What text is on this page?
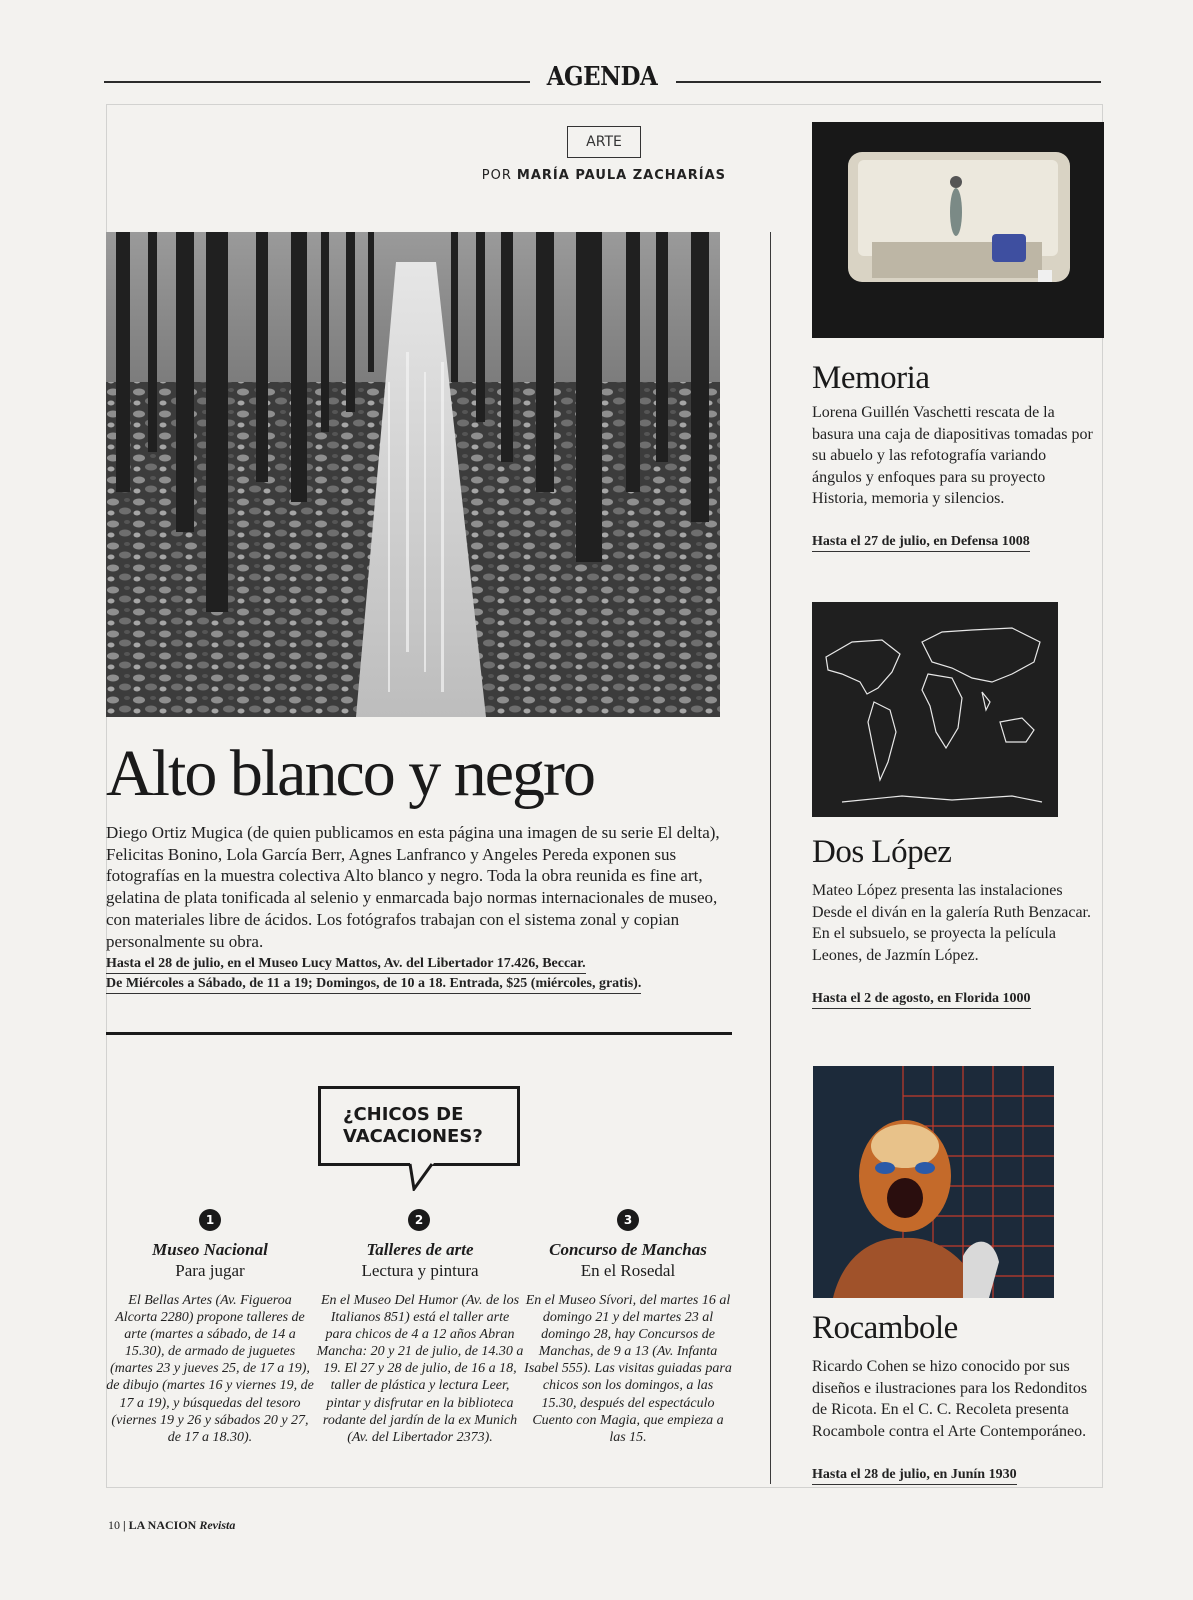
AGENDA
ARTE
POR MARÍA PAULA ZACHARÍAS
Alto blanco y negro
Diego Ortiz Mugica (de quien publicamos en esta página una imagen de su serie El delta), Felicitas Bonino, Lola García Berr, Agnes Lanfranco y Angeles Pereda exponen sus fotografías en la muestra colectiva Alto blanco y negro. Toda la obra reunida es fine art, gelatina de plata tonificada al selenio y enmarcada bajo normas internacionales de museo, con materiales libre de ácidos. Los fotógrafos trabajan con el sistema zonal y copian personalmente su obra.
Hasta el 28 de julio, en el Museo Lucy Mattos, Av. del Libertador 17.426, Beccar.
De Miércoles a Sábado, de 11 a 19; Domingos, de 10 a 18. Entrada, $25 (miércoles, gratis).
¿CHICOS DE
VACACIONES?
1	2	3
Museo Nacional
Para jugar
El Bellas Artes (Av. Figueroa Alcorta 2280) propone talleres de arte (martes a sábado, de 14 a 15.30), de armado de juguetes (martes 23 y jueves 25, de 17 a 19), de dibujo (martes 16 y viernes 19, de 17 a 19), y búsquedas del tesoro (viernes 19 y 26 y sábados 20 y 27, de 17 a 18.30).
Talleres de arte
Lectura y pintura
En el Museo Del Humor (Av. de los Italianos 851) está el taller arte para chicos de 4 a 12 años Abran Mancha: 20 y 21 de julio, de 14.30 a 19. El 27 y 28 de julio, de 16 a 18, taller de plástica y lectura Leer, pintar y disfrutar en la biblioteca rodante del jardín de la ex Munich (Av. del Libertador 2373).
Concurso de Manchas
En el Rosedal
En el Museo Sívori, del martes 16 al domingo 21 y del martes 23 al domingo 28, hay Concursos de Manchas, de 9 a 13 (Av. Infanta Isabel 555). Las visitas guiadas para chicos son los domingos, a las 15.30, después del espectáculo Cuento con Magia, que empieza a las 15.
Memoria
Lorena Guillén Vaschetti rescata de la basura una caja de diapositivas tomadas por su abuelo y las refotografía variando ángulos y enfoques para su proyecto Historia, memoria y silencios.
Hasta el 27 de julio, en Defensa 1008
Dos López
Mateo López presenta las instalaciones Desde el diván en la galería Ruth Benzacar. En el subsuelo, se proyecta la película Leones, de Jazmín López.
Hasta el 2 de agosto, en Florida 1000
Rocambole
Ricardo Cohen se hizo conocido por sus diseños e ilustraciones para los Redonditos de Ricota. En el C. C. Recoleta presenta Rocambole contra el Arte Contemporáneo.
Hasta el 28 de julio, en Junín 1930
10 | LA NACION Revista
